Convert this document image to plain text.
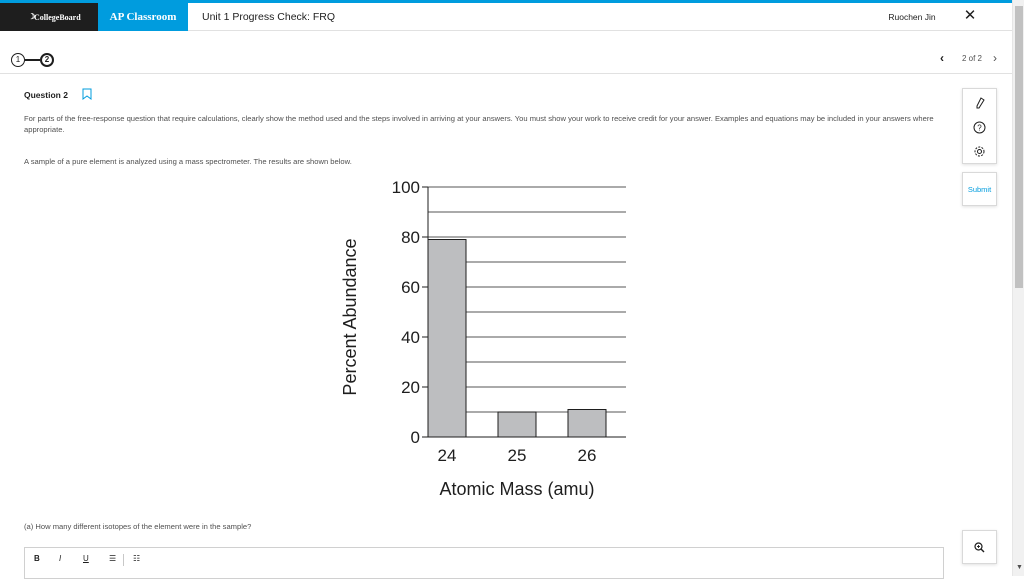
☽
CollegeBoard	AP Classroom	Unit 1 Progress Check: FRQ	Ruochen Jin	✕
1	2	‹	2 of 2 ›
Question 2
For parts of the free-response question that require calculations, clearly show the method used and the steps involved in arriving at your answers. You must show your work to receive credit for your answer. Examples and equations may be included in your answers where appropriate.
A sample of a pure element is analyzed using a mass spectrometer. The results are shown below.
0
20
40
60
80
100
24	25	26
Atomic Mass (amu)
Percent Abundance
(a) How many different isotopes of the element were in the sample?
B I	U	☰ ☷
?
Submit
▼
